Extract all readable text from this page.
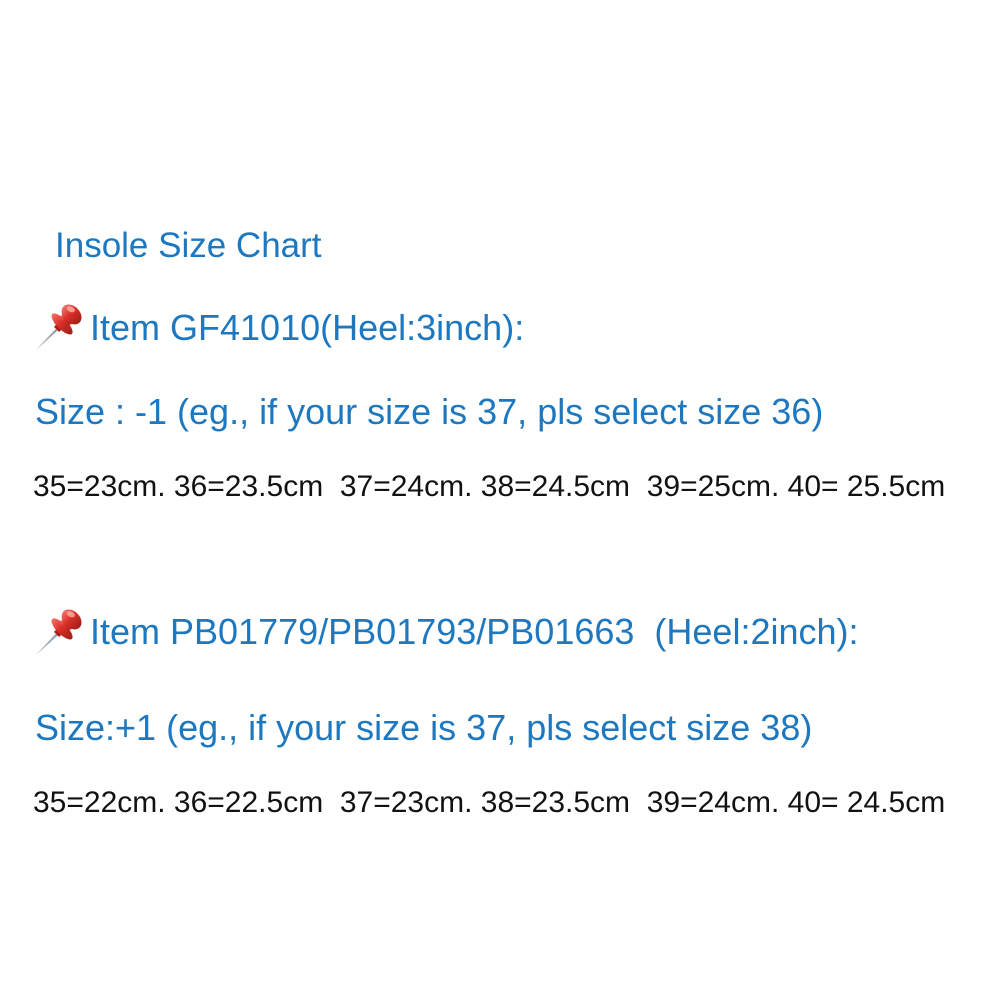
Insole Size Chart
Item GF41010(Heel:3inch):
Size : -1 (eg., if your size is 37, pls select size 36)
35=23cm. 36=23.5cm  37=24cm. 38=24.5cm  39=25cm. 40= 25.5cm
Item PB01779/PB01793/PB01663  (Heel:2inch):
Size:+1 (eg., if your size is 37, pls select size 38)
35=22cm. 36=22.5cm  37=23cm. 38=23.5cm  39=24cm. 40= 24.5cm
